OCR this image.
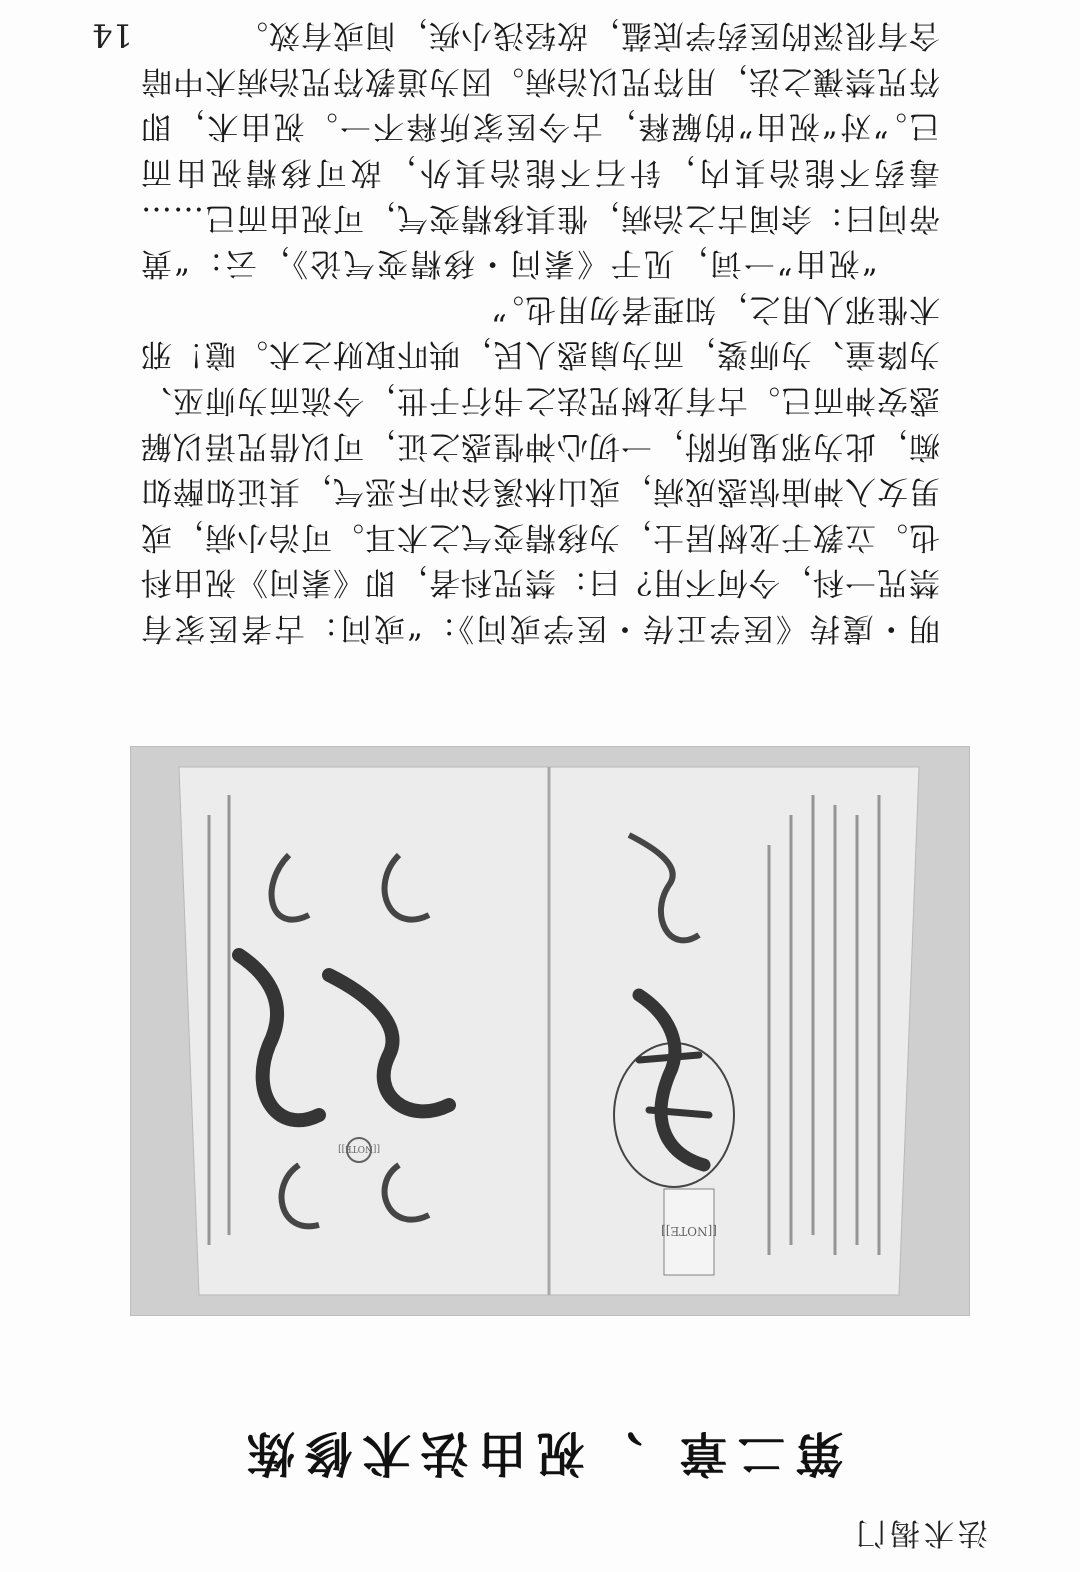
法术揭门
第二章 、祝由法术修炼
[[NOTE]]
[[NOTE]]

明・虞抟《医学正传・医学或问》：“或问：古者医家有禁咒一科，今何不用？曰：禁咒科者，即《素问》祝由科也。立教于龙树居士，为移精变气之术耳。可治小病，或男女入神庙惊惑成病，或山林溪谷冲斥恶气，其证如醉如痴，此为邪鬼所附，一切心神惶惑之证，可以借咒语以解惑安神而已。古有龙树咒法之书行于世，今流而为师巫、为降童、为师婆，而为扇惑人民，哄吓取财之术。噫！邪术惟邪人用之，知理者勿用也。”

“祝由”一词，见于《素问・移精变气论》，云：“黄帝问曰：余闻古之治病，惟其移精变气，可祝由而已……毒药不能治其内，针石不能治其外，故可移精祝由而已。”对“祝由”的解释，古今医家所释不一。祝由术，即符咒禁禳之法，用符咒以治病。因为道教符咒治病术中暗含有很深的医药学底蕴，故轻浅小疾，间或有效。

14
